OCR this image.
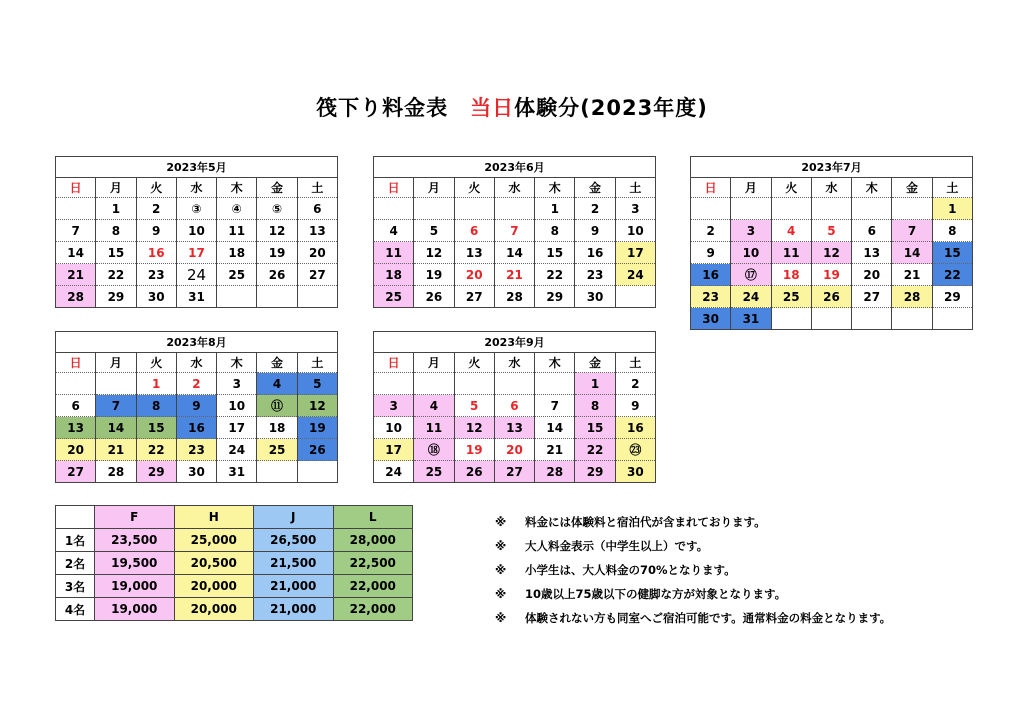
筏下り料金表　 当日体験分(2023年度)
2023年5月						
日	月	火	水	木	金	土
	1	2	③	④	⑤	6
7	8	9	10	11	12	13
14	15	16	17	18	19	20
21	22	23	24	25	26	27
28	29	30	31			
2023年6月						
日	月	火	水	木	金	土
				1	2	3
4	5	6	7	8	9	10
11	12	13	14	15	16	17
18	19	20	21	22	23	24
25	26	27	28	29	30	
2023年7月						
日	月	火	水	木	金	土
						1
2	3	4	5	6	7	8
9	10	11	12	13	14	15
16	⑰	18	19	20	21	22
23	24	25	26	27	28	29
30	31					
2023年8月						
日	月	火	水	木	金	土
		1	2	3	4	5
6	7	8	9	10	⑪	12
13	14	15	16	17	18	19
20	21	22	23	24	25	26
27	28	29	30	31		
2023年9月						
日	月	火	水	木	金	土
					1	2
3	4	5	6	7	8	9
10	11	12	13	14	15	16
17	⑱	19	20	21	22	㉓
24	25	26	27	28	29	30
	F	H	J	L
1名	23,500	25,000	26,500	28,000
2名	19,500	20,500	21,500	22,500
3名	19,000	20,000	21,000	22,000
4名	19,000	20,000	21,000	22,000
※	料金には体験料と宿泊代が含まれております。
※	大人料金表示（中学生以上）です。
※	小学生は、大人料金の70%となります。
※	10歳以上75歳以下の健脚な方が対象となります。
※	体験されない方も同室へご宿泊可能です。通常料金の料金となります。
